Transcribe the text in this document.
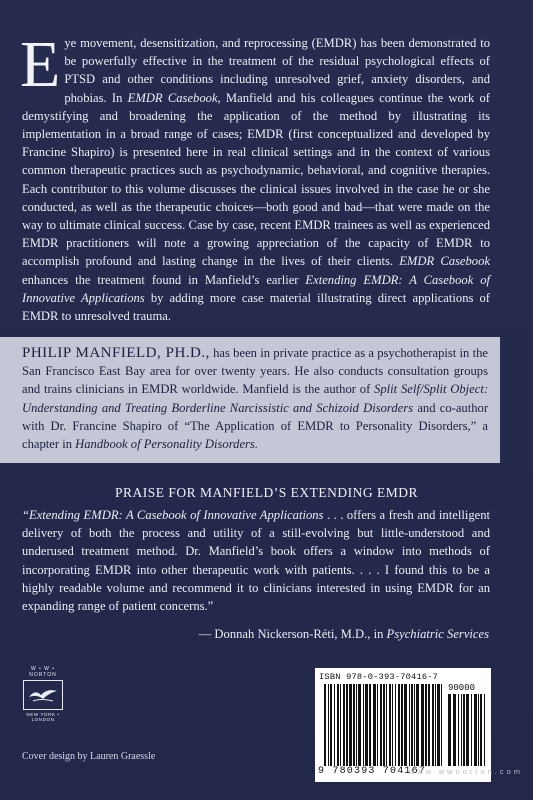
Eye movement, desensitization, and reprocessing (EMDR) has been demonstrated to be powerfully effective in the treatment of the residual psychological effects of PTSD and other conditions including unresolved grief, anxiety disorders, and phobias. In EMDR Casebook, Manfield and his colleagues continue the work of demystifying and broadening the application of the method by illustrating its implementation in a broad range of cases; EMDR (first conceptualized and developed by Francine Shapiro) is presented here in real clinical settings and in the context of various common therapeutic practices such as psychodynamic, behavioral, and cognitive therapies. Each contributor to this volume discusses the clinical issues involved in the case he or she conducted, as well as the therapeutic choices—both good and bad—that were made on the way to ultimate clinical success. Case by case, recent EMDR trainees as well as experienced EMDR practitioners will note a growing appreciation of the capacity of EMDR to accomplish profound and lasting change in the lives of their clients. EMDR Casebook enhances the treatment found in Manfield’s earlier Extending EMDR: A Casebook of Innovative Applications by adding more case material illustrating direct applications of EMDR to unresolved trauma.
PHILIP MANFIELD, PH.D., has been in private practice as a psychotherapist in the San Francisco East Bay area for over twenty years. He also conducts consultation groups and trains clinicians in EMDR worldwide. Manfield is the author of Split Self/Split Object: Understanding and Treating Borderline Narcissistic and Schizoid Disorders and co-author with Dr. Francine Shapiro of “The Application of EMDR to Personality Disorders,” a chapter in Handbook of Personality Disorders.
PRAISE FOR MANFIELD’S EXTENDING EMDR
“Extending EMDR: A Casebook of Innovative Applications . . . offers a fresh and intelligent delivery of both the process and utility of a still-evolving but little-understood and underused treatment method. Dr. Manfield’s book offers a window into methods of incorporating EMDR into other therapeutic work with patients. . . . I found this to be a highly readable volume and recommend it to clinicians interested in using EMDR for an expanding range of patient concerns.”
— Donnah Nickerson-Réti, M.D., in Psychiatric Services
W • W • NORTON
NEW YORK • LONDON
Cover design by Lauren Graessle
ISBN 978-0-393-70416-7
90000
9 780393 704167
www.wwnorton.com
